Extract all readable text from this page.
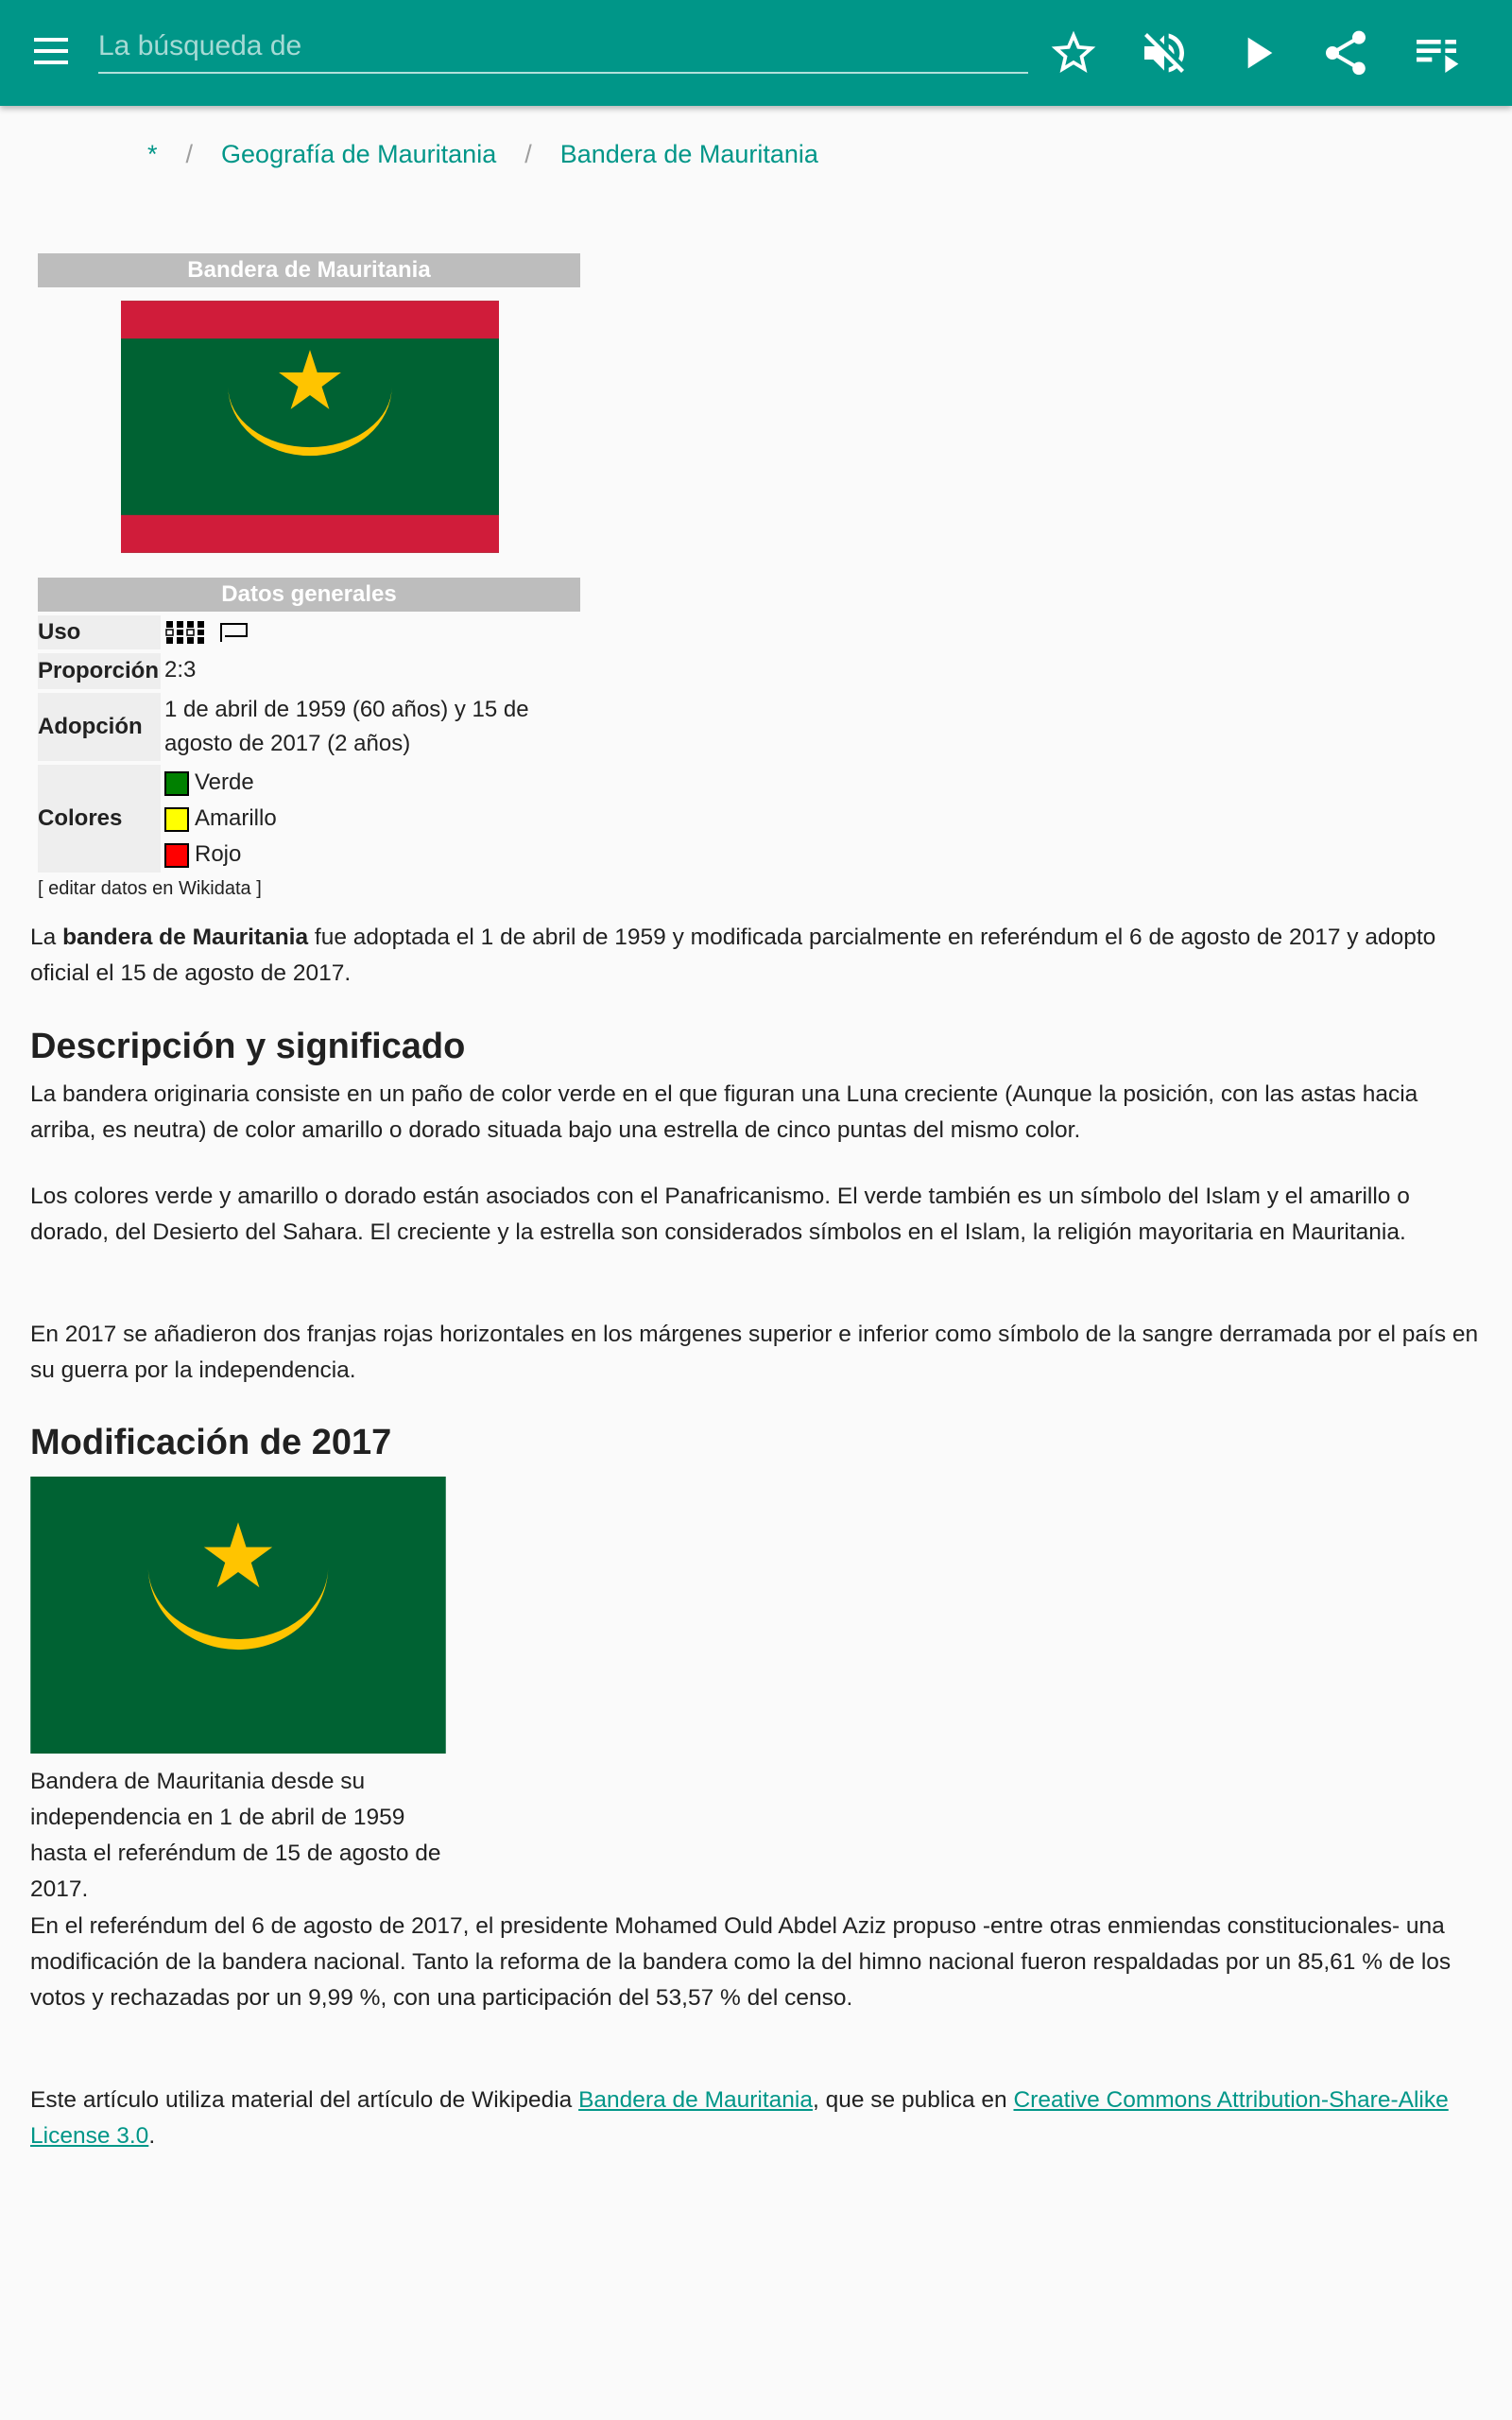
La búsqueda de
* / Geografía de Mauritania / Bandera de Mauritania
Bandera de Mauritania
Datos generales
Uso
Proporción 2:3
Adopción
1 de abril de 1959 (60 años) y 15 de agosto de 2017 (2 años)
Colores
Verde
Amarillo
Rojo
[ editar datos en Wikidata ]
La bandera de Mauritania fue adoptada el 1 de abril de 1959 y modificada parcialmente en referéndum el 6 de agosto de 2017 y adopto oficial el 15 de agosto de 2017.
Descripción y significado
La bandera originaria consiste en un paño de color verde en el que figuran una Luna creciente (Aunque la posición, con las astas hacia arriba, es neutra) de color amarillo o dorado situada bajo una estrella de cinco puntas del mismo color.
Los colores verde y amarillo o dorado están asociados con el Panafricanismo. El verde también es un símbolo del Islam y el amarillo o dorado, del Desierto del Sahara. El creciente y la estrella son considerados símbolos en el Islam, la religión mayoritaria en Mauritania.
En 2017 se añadieron dos franjas rojas horizontales en los márgenes superior e inferior como símbolo de la sangre derramada por el país en su guerra por la independencia.
Modificación de 2017
Bandera de Mauritania desde su independencia en 1 de abril de 1959 hasta el referéndum de 15 de agosto de 2017.
En el referéndum del 6 de agosto de 2017, el presidente Mohamed Ould Abdel Aziz propuso -entre otras enmiendas constitucionales- una modificación de la bandera nacional. Tanto la reforma de la bandera como la del himno nacional fueron respaldadas por un 85,61 % de los votos y rechazadas por un 9,99 %, con una participación del 53,57 % del censo.
Este artículo utiliza material del artículo de Wikipedia Bandera de Mauritania, que se publica en Creative Commons Attribution-Share-Alike License 3.0.
